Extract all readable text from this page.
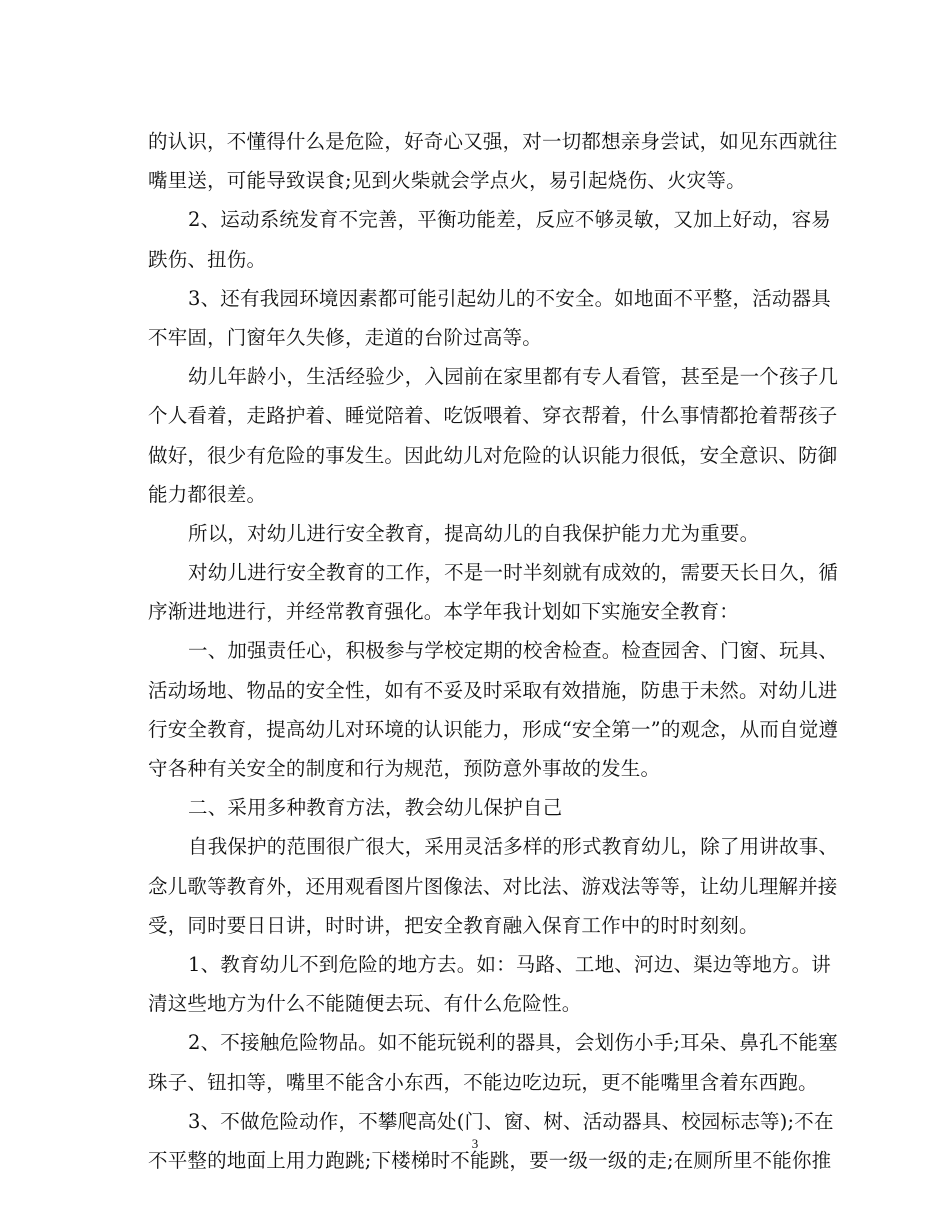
的认识，不懂得什么是危险，好奇心又强，对一切都想亲身尝试，如见东西就往
嘴里送，可能导致误食;见到火柴就会学点火，易引起烧伤、火灾等。
2、运动系统发育不完善，平衡功能差，反应不够灵敏，又加上好动，容易
跌伤、扭伤。
3、还有我园环境因素都可能引起幼儿的不安全。如地面不平整，活动器具
不牢固，门窗年久失修，走道的台阶过高等。
幼儿年龄小，生活经验少，入园前在家里都有专人看管，甚至是一个孩子几
个人看着，走路护着、睡觉陪着、吃饭喂着、穿衣帮着，什么事情都抢着帮孩子
做好，很少有危险的事发生。因此幼儿对危险的认识能力很低，安全意识、防御
能力都很差。
所以，对幼儿进行安全教育，提高幼儿的自我保护能力尤为重要。
对幼儿进行安全教育的工作，不是一时半刻就有成效的，需要天长日久，循
序渐进地进行，并经常教育强化。本学年我计划如下实施安全教育：
一、加强责任心，积极参与学校定期的校舍检查。检查园舍、门窗、玩具、
活动场地、物品的安全性，如有不妥及时采取有效措施，防患于未然。对幼儿进
行安全教育，提高幼儿对环境的认识能力，形成“安全第一”的观念，从而自觉遵
守各种有关安全的制度和行为规范，预防意外事故的发生。
二、采用多种教育方法，教会幼儿保护自己
自我保护的范围很广很大，采用灵活多样的形式教育幼儿，除了用讲故事、
念儿歌等教育外，还用观看图片图像法、对比法、游戏法等等，让幼儿理解并接
受，同时要日日讲，时时讲，把安全教育融入保育工作中的时时刻刻。
1、教育幼儿不到危险的地方去。如：马路、工地、河边、渠边等地方。讲
清这些地方为什么不能随便去玩、有什么危险性。
2、不接触危险物品。如不能玩锐利的器具，会划伤小手;耳朵、鼻孔不能塞
珠子、钮扣等，嘴里不能含小东西，不能边吃边玩，更不能嘴里含着东西跑。
3、不做危险动作，不攀爬高处(门、窗、树、活动器具、校园标志等);不在
不平整的地面上用力跑跳;下楼梯时不能跳，要一级一级的走;在厕所里不能你推
3
